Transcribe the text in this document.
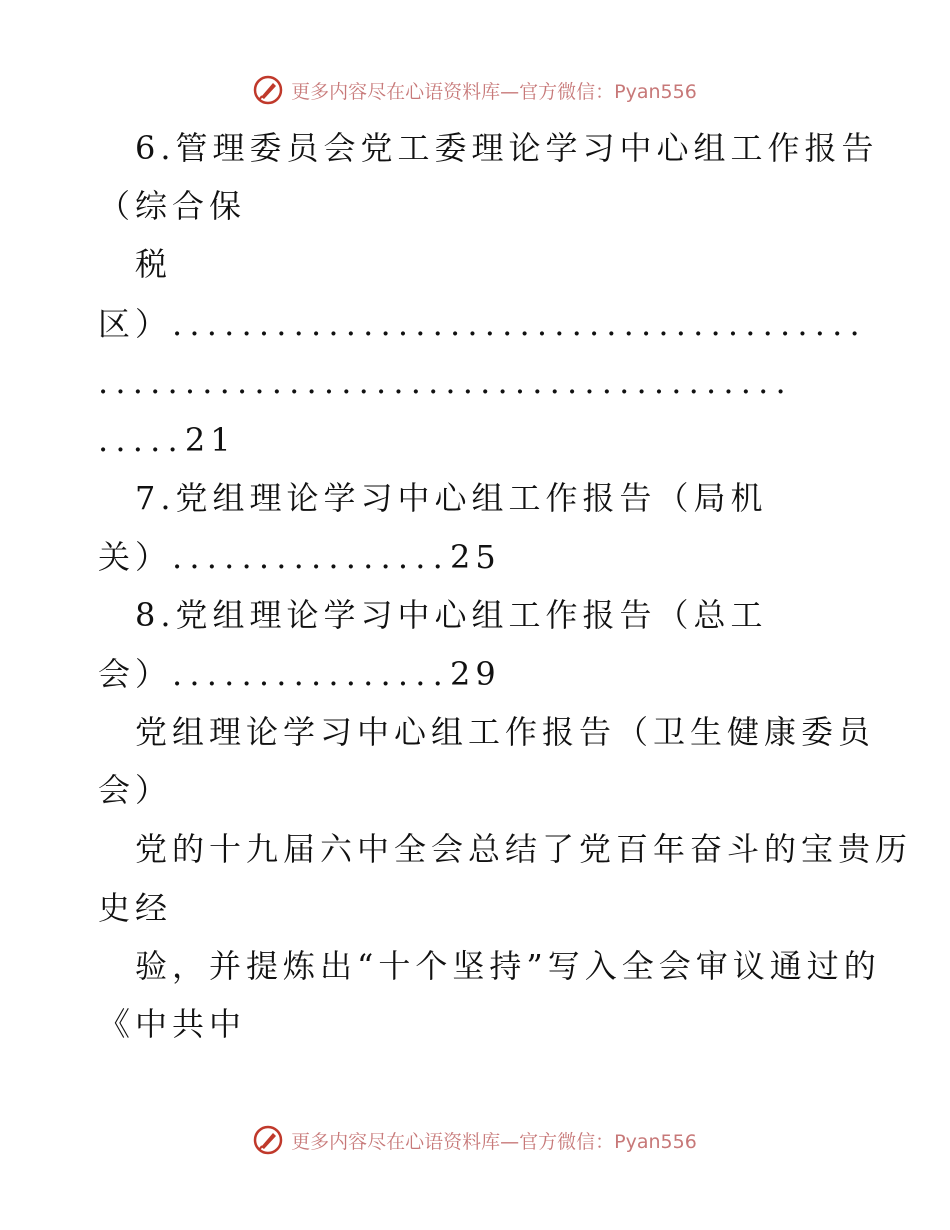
更多内容尽在心语资料库—官方微信：Pyan556
6.管理委员会党工委理论学习中心组工作报告
（综合保
税
区）........................................
........................................
.....21
7.党组理论学习中心组工作报告（局机
关）................25
8.党组理论学习中心组工作报告（总工
会）................29
党组理论学习中心组工作报告（卫生健康委员
会）
党的十九届六中全会总结了党百年奋斗的宝贵历
史经
验，并提炼出“十个坚持”写入全会审议通过的
《中共中
更多内容尽在心语资料库—官方微信：Pyan556
